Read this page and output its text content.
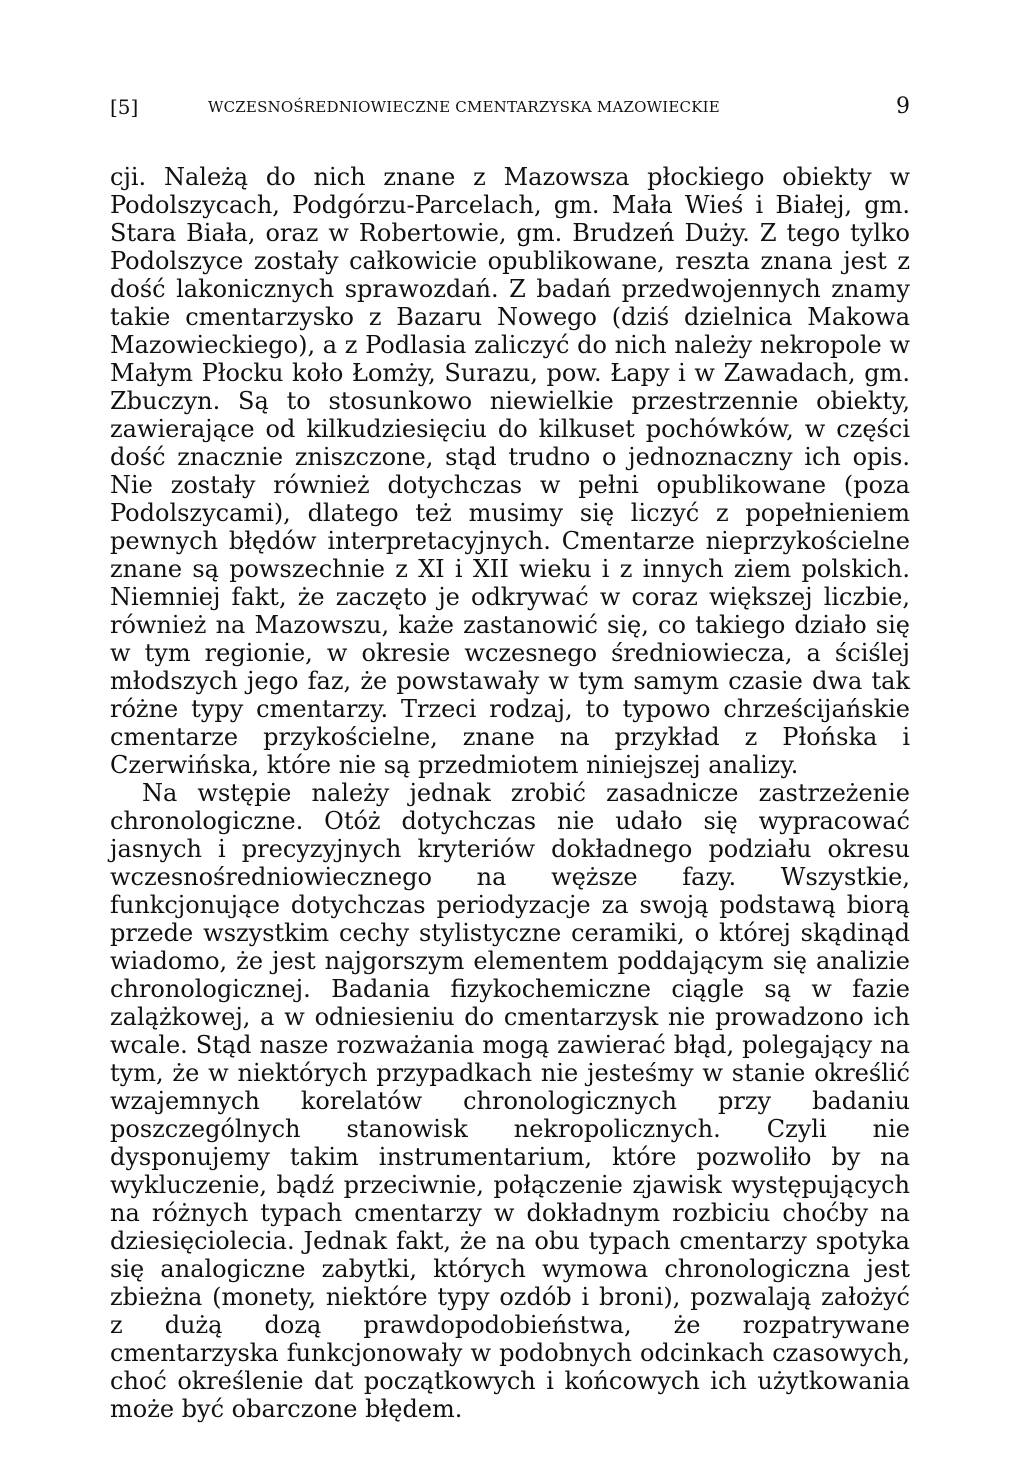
[5]	WCZESNOŚREDNIOWIECZNE CMENTARZYSKA MAZOWIECKIE	9

cji. Należą do nich znane z Mazowsza płockiego obiekty w Podolszycach, Podgórzu-Parcelach, gm. Mała Wieś i Białej, gm. Stara Biała, oraz w Robertowie, gm. Brudzeń Duży. Z tego tylko Podolszyce zostały całkowicie opublikowane, reszta znana jest z dość lakonicznych sprawozdań. Z badań przedwojennych znamy takie cmentarzysko z Bazaru Nowego (dziś dzielnica Makowa Mazowieckiego), a z Podlasia zaliczyć do nich należy nekropole w Małym Płocku koło Łomży, Surazu, pow. Łapy i w Zawadach, gm. Zbuczyn. Są to stosunkowo niewielkie przestrzennie obiekty, zawierające od kilkudziesięciu do kilkuset pochówków, w części dość znacznie zniszczone, stąd trudno o jednoznaczny ich opis. Nie zostały również dotychczas w pełni opublikowane (poza Podolszycami), dlatego też musimy się liczyć z popełnieniem pewnych błędów interpretacyjnych. Cmentarze nieprzykościelne znane są powszechnie z XI i XII wieku i z innych ziem polskich. Niemniej fakt, że zaczęto je odkrywać w coraz większej liczbie, również na Mazowszu, każe zastanowić się, co takiego działo się w tym regionie, w okresie wczesnego średniowiecza, a ściślej młodszych jego faz, że powstawały w tym samym czasie dwa tak różne typy cmentarzy. Trzeci rodzaj, to typowo chrześcijańskie cmentarze przykościelne, znane na przykład z Płońska i Czerwińska, które nie są przedmiotem niniejszej analizy.

Na wstępie należy jednak zrobić zasadnicze zastrzeżenie chronologiczne. Otóż dotychczas nie udało się wypracować jasnych i precyzyjnych kryteriów dokładnego podziału okresu wczesnośredniowiecznego na węższe fazy. Wszystkie, funkcjonujące dotychczas periodyzacje za swoją podstawą biorą przede wszystkim cechy stylistyczne ceramiki, o której skądinąd wiadomo, że jest najgorszym elementem poddającym się analizie chronologicznej. Badania fizykochemiczne ciągle są w fazie zalążkowej, a w odniesieniu do cmentarzysk nie prowadzono ich wcale. Stąd nasze rozważania mogą zawierać błąd, polegający na tym, że w niektórych przypadkach nie jesteśmy w stanie określić wzajemnych korelatów chronologicznych przy badaniu poszczególnych stanowisk nekropolicznych. Czyli nie dysponujemy takim instrumentarium, które pozwoliło by na wykluczenie, bądź przeciwnie, połączenie zjawisk występujących na różnych typach cmentarzy w dokładnym rozbiciu choćby na dziesięciolecia. Jednak fakt, że na obu typach cmentarzy spotyka się analogiczne zabytki, których wymowa chronologiczna jest zbieżna (monety, niektóre typy ozdób i broni), pozwalają założyć z dużą dozą prawdopodobieństwa, że rozpatrywane cmentarzyska funkcjonowały w podobnych odcinkach czasowych, choć określenie dat początkowych i końcowych ich użytkowania może być obarczone błędem.
